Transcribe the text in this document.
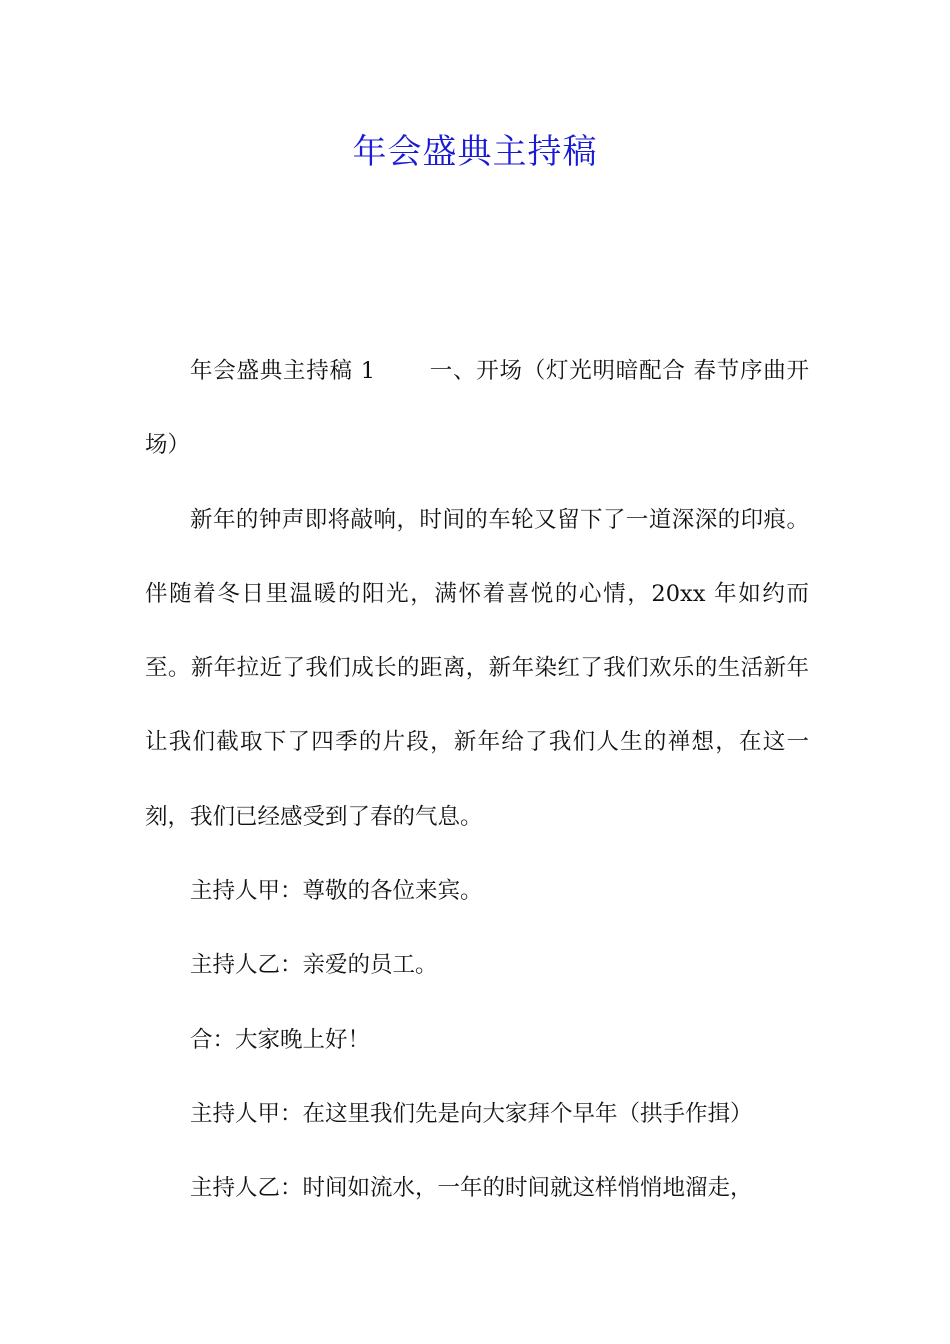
年会盛典主持稿

年会盛典主持稿 1 一、开场（灯光明暗配合 春节序曲开场）

新年的钟声即将敲响，时间的车轮又留下了一道深深的印痕。伴随着冬日里温暖的阳光，满怀着喜悦的心情，20xx 年如约而至。新年拉近了我们成长的距离，新年染红了我们欢乐的生活新年让我们截取下了四季的片段，新年给了我们人生的禅想，在这一刻，我们已经感受到了春的气息。

主持人甲：尊敬的各位来宾。

主持人乙：亲爱的员工。

合：大家晚上好！

主持人甲：在这里我们先是向大家拜个早年（拱手作揖）

主持人乙：时间如流水，一年的时间就这样悄悄地溜走，
